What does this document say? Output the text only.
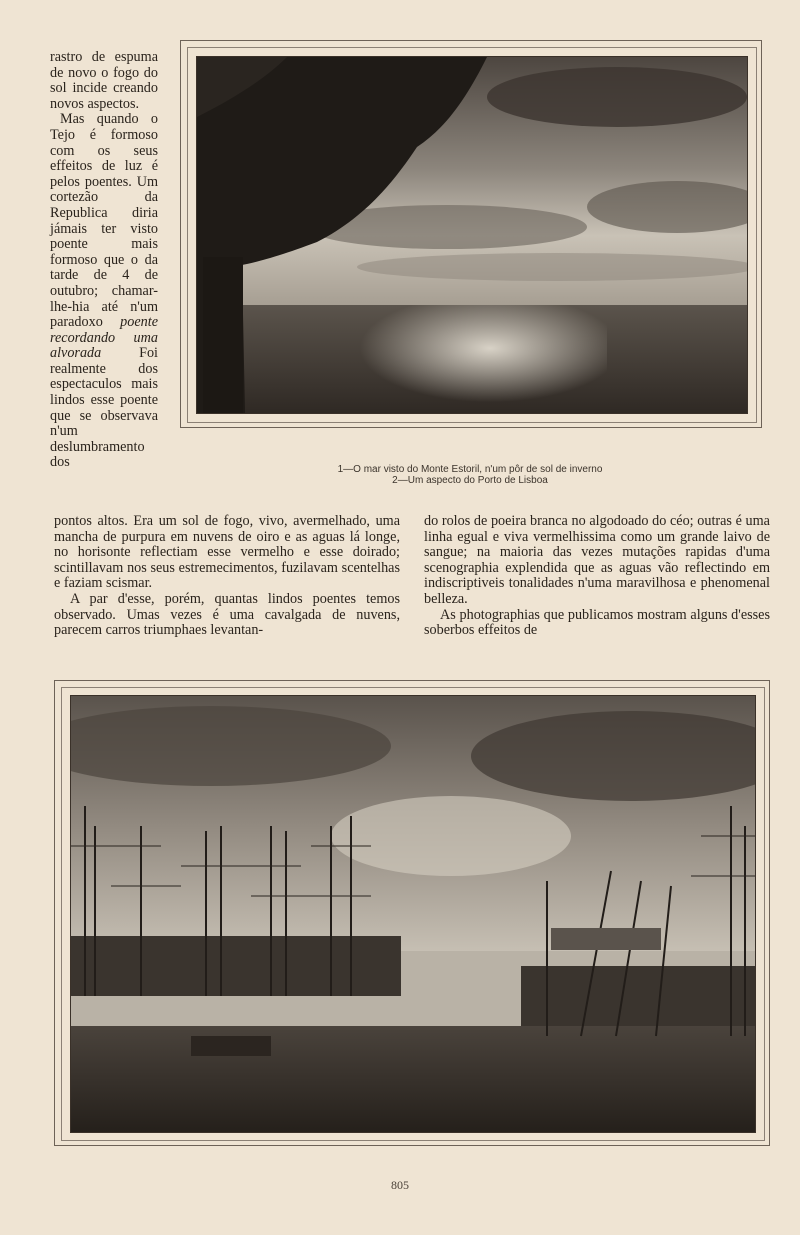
rastro de espuma de novo o fogo do sol incide creando novos aspectos.

Mas quando o Tejo é formoso com os seus effeitos de luz é pelos poentes. Um cortezão da Republica diria jámais ter visto poente mais formoso que o da tarde de 4 de outubro; chamar-lhe-hia até n'um paradoxo poente recordando uma alvorada Foi realmente dos espectaculos mais lindos esse poente que se observava n'um deslumbramento dos	1—O mar visto do Monte Estoril, n'um pôr de sol de inverno
2—Um aspecto do Porto de Lisboa

pontos altos. Era um sol de fogo, vivo, avermelhado, uma mancha de purpura em nuvens de oiro e as aguas lá longe, no horisonte reflectiam esse vermelho e esse doirado; scintillavam nos seus estremecimentos, fuzilavam scentelhas e faziam scismar.

A par d'esse, porém, quantas lindos poentes temos observado. Umas vezes é uma cavalgada de nuvens, parecem carros triumphaes levantan-

do rolos de poeira branca no algodoado do céo; outras é uma linha egual e viva vermelhissima como um grande laivo de sangue; na maioria das vezes mutações rapidas d'uma scenographia explendida que as aguas vão reflectindo em indiscriptiveis tonalidades n'uma maravilhosa e phenomenal belleza.

As photographias que publicamos mostram alguns d'esses soberbos effeitos de

805
